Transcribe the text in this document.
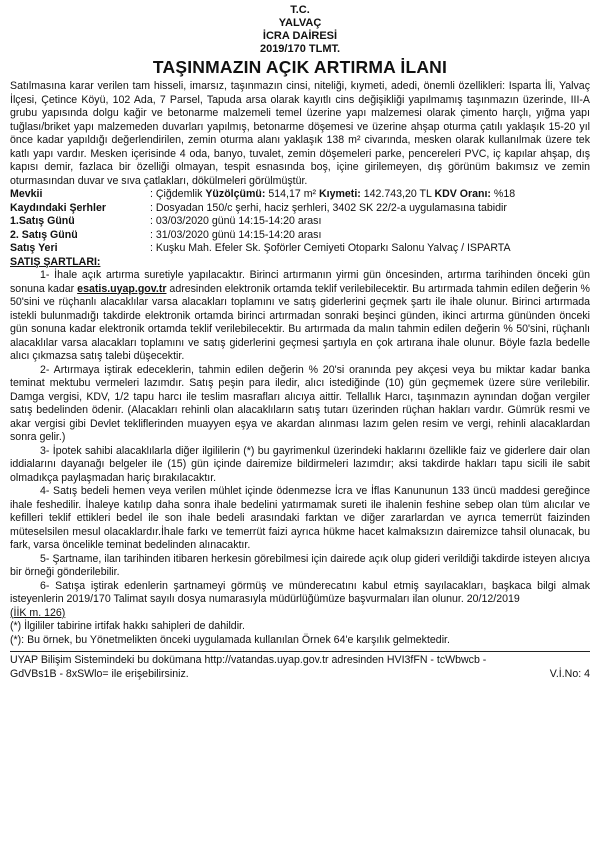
T.C.
YALVAÇ
İCRA DAİRESİ
2019/170 TLMT.
TAŞINMAZIN AÇIK ARTIRMA İLANI

Satılmasına karar verilen tam hisseli, imarsız, taşınmazın cinsi, niteliği, kıymeti, adedi, önemli özellikleri: Isparta İli, Yalvaç İlçesi, Çetince Köyü, 102 Ada, 7 Parsel, Tapuda arsa olarak kayıtlı cins değişikliği yapılmamış taşınmazın üzerinde, III-A grubu yapısında dolgu kağir ve betonarme malzemeli temel üzerine yapı malzemesi olarak çimento harçlı, yığma yapı tuğlası/briket yapı malzemeden duvarları yapılmış, betonarme döşemesi ve üzerine ahşap oturma çatılı yaklaşık 15-20 yıl önce kadar yapıldığı değerlendirilen, zemin oturma alanı yaklaşık 138 m² civarında, mesken olarak kullanılmak üzere tek katlı yapı vardır. Mesken içerisinde 4 oda, banyo, tuvalet, zemin döşemeleri parke, pencereleri PVC, iç kapılar ahşap, dış kapısı demir, fazlaca bir özelliği olmayan, tespit esnasında boş, içine girilemeyen, dış görünüm bakımsız ve zemin oturmasından duvar ve sıva çatlakları, dökülmeleri görülmüştür.

Mevkii	: Çiğdemlik Yüzölçümü: 514,17 m² Kıymeti: 142.743,20 TL KDV Oranı: %18
Kaydındaki Şerhler	: Dosyadan 150/c şerhi, haciz şerhleri, 3402 SK 22/2-a uygulamasına tabidir
1.Satış Günü	: 03/03/2020 günü 14:15-14:20 arası
2. Satış Günü	: 31/03/2020 günü 14:15-14:20 arası
Satış Yeri	: Kuşku Mah. Efeler Sk. Şoförler Cemiyeti Otoparkı Salonu Yalvaç / ISPARTA
SATIŞ ŞARTLARI:

1- İhale açık artırma suretiyle yapılacaktır. Birinci artırmanın yirmi gün öncesinden, artırma tarihinden önceki gün sonuna kadar esatis.uyap.gov.tr adresinden elektronik ortamda teklif verilebilecektir. Bu artırmada tahmin edilen değerin % 50'sini ve rüçhanlı alacaklılar varsa alacakları toplamını ve satış giderlerini geçmek şartı ile ihale olunur. Birinci artırmada istekli bulunmadığı takdirde elektronik ortamda birinci artırmadan sonraki beşinci günden, ikinci artırma gününden önceki gün sonuna kadar elektronik ortamda teklif verilebilecektir. Bu artırmada da malın tahmin edilen değerin % 50'sini, rüçhanlı alacaklılar varsa alacakları toplamını ve satış giderlerini geçmesi şartıyla en çok artırana ihale olunur. Böyle fazla bedelle alıcı çıkmazsa satış talebi düşecektir.

2- Artırmaya iştirak edeceklerin, tahmin edilen değerin % 20'si oranında pey akçesi veya bu miktar kadar banka teminat mektubu vermeleri lazımdır. Satış peşin para iledir, alıcı istediğinde (10) gün geçmemek üzere süre verilebilir. Damga vergisi, KDV, 1/2 tapu harcı ile teslim masrafları alıcıya aittir. Tellallık Harcı, taşınmazın aynından doğan vergiler satış bedelinden ödenir. (Alacakları rehinli olan alacaklıların satış tutarı üzerinden rüçhan hakları vardır. Gümrük resmi ve akar vergisi gibi Devlet tekliflerinden muayyen eşya ve akardan alınması lazım gelen resim ve vergi, rehinli alacaklardan sonra gelir.)

3- İpotek sahibi alacaklılarla diğer ilgililerin (*) bu gayrimenkul üzerindeki haklarını özellikle faiz ve giderlere dair olan iddialarını dayanağı belgeler ile (15) gün içinde dairemize bildirmeleri lazımdır; aksi takdirde hakları tapu sicili ile sabit olmadıkça paylaşmadan hariç bırakılacaktır.

4- Satış bedeli hemen veya verilen mühlet içinde ödenmezse İcra ve İflas Kanununun 133 üncü maddesi gereğince ihale feshedilir. İhaleye katılıp daha sonra ihale bedelini yatırmamak sureti ile ihalenin feshine sebep olan tüm alıcılar ve kefilleri teklif ettikleri bedel ile son ihale bedeli arasındaki farktan ve diğer zararlardan ve ayrıca temerrüt faizinden müteselsilen mesul olacaklardır.İhale farkı ve temerrüt faizi ayrıca hükme hacet kalmaksızın dairemizce tahsil olunacak, bu fark, varsa öncelikle teminat bedelinden alınacaktır.

5- Şartname, ilan tarihinden itibaren herkesin görebilmesi için dairede açık olup gideri verildiği takdirde isteyen alıcıya bir örneği gönderilebilir.

6- Satışa iştirak edenlerin şartnameyi görmüş ve münderecatını kabul etmiş sayılacakları, başkaca bilgi almak isteyenlerin 2019/170 Talimat sayılı dosya numarasıyla müdürlüğümüze başvurmaları ilan olunur. 20/12/2019

(İİK m. 126)
(*) İlgililer tabirine irtifak hakkı sahipleri de dahildir.
(*): Bu örnek, bu Yönetmelikten önceki uygulamada kullanılan Örnek 64'e karşılık gelmektedir.
UYAP Bilişim Sistemindeki bu dokümana http://vatandas.uyap.gov.tr adresinden HVI3fFN - tcWbwcb -
GdVBs1B - 8xSWlo= ile erişebilirsiniz.	V.İ.No: 4
